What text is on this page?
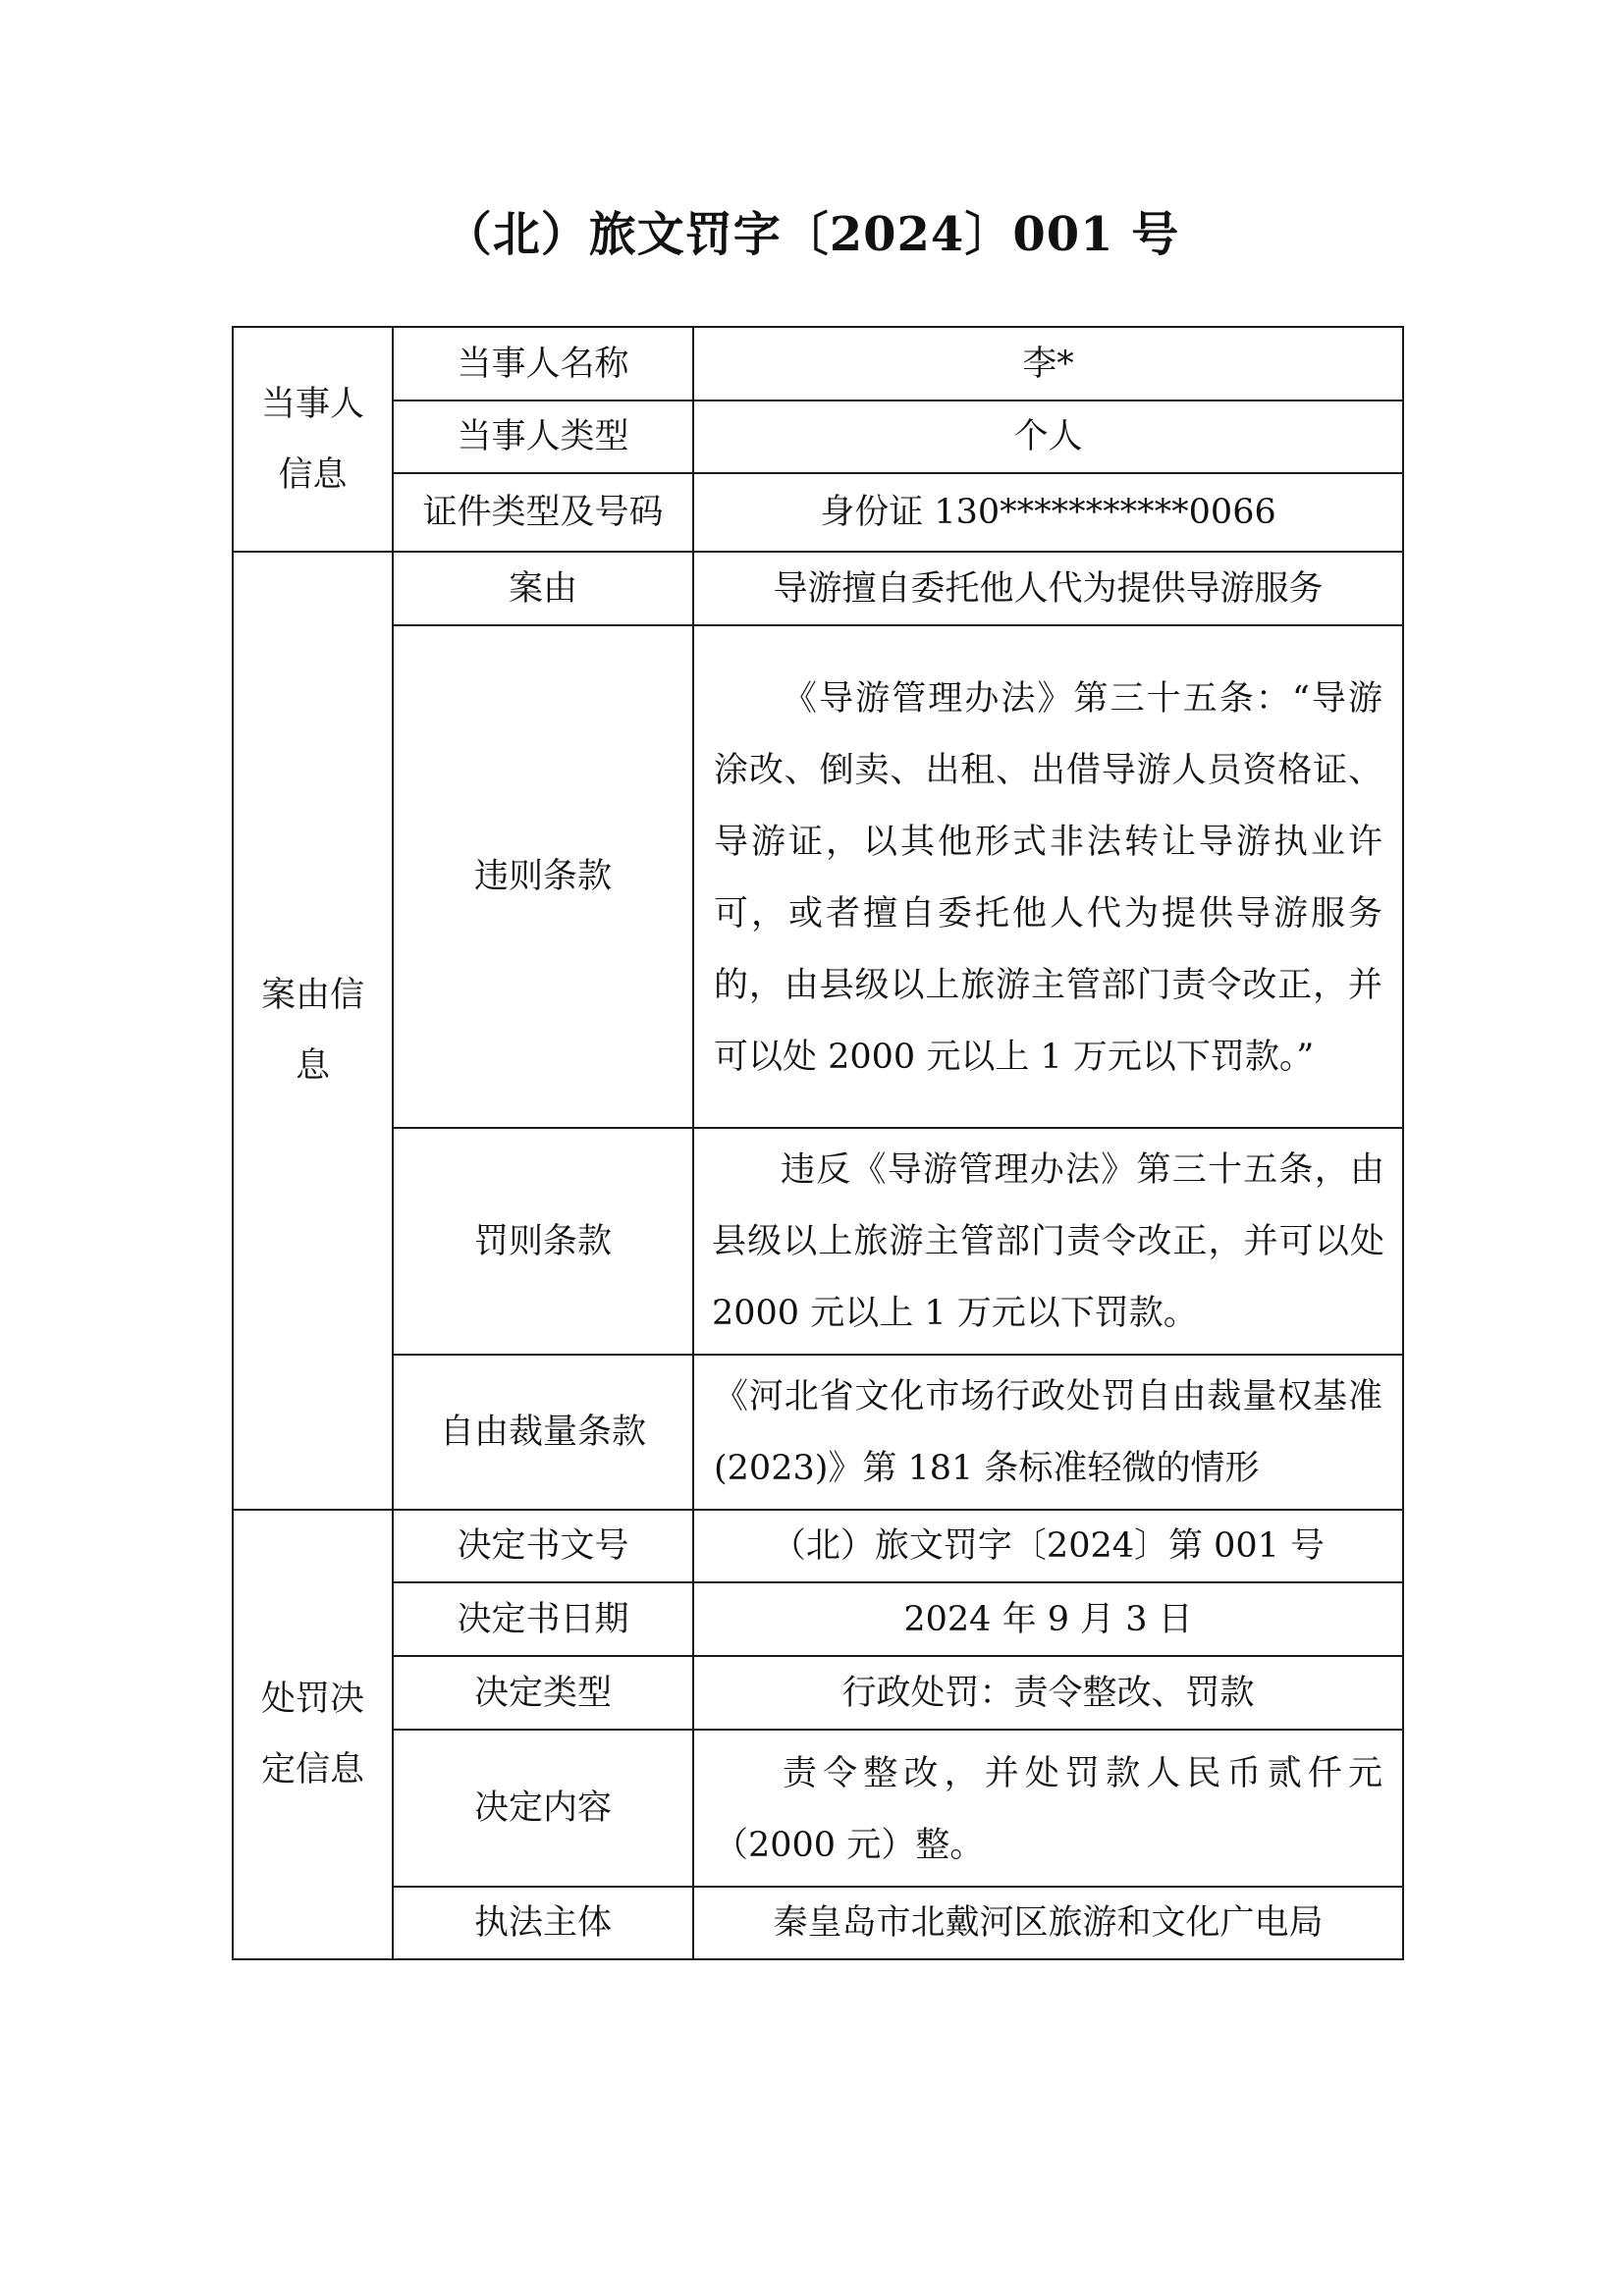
（北）旅文罚字〔2024〕001 号
当事人信息	当事人名称	李*
	当事人类型	个人
	证件类型及号码	身份证 130***********0066
案由信息	案由	导游擅自委托他人代为提供导游服务
	违则条款	《导游管理办法》第三十五条：“导游涂改、倒卖、出租、出借导游人员资格证、导游证，以其他形式非法转让导游执业许可，或者擅自委托他人代为提供导游服务的，由县级以上旅游主管部门责令改正，并可以处 2000 元以上 1 万元以下罚款。”
	罚则条款	违反《导游管理办法》第三十五条，由县级以上旅游主管部门责令改正，并可以处 2000 元以上 1 万元以下罚款。
	自由裁量条款	《河北省文化市场行政处罚自由裁量权基准(2023)》第 181 条标准轻微的情形
处罚决定信息	决定书文号	（北）旅文罚字〔2024〕第 001 号
	决定书日期	2024 年 9 月 3 日
	决定类型	行政处罚：责令整改、罚款
	决定内容	责令整改，并处罚款人民币贰仟元（2000 元）整。
	执法主体	秦皇岛市北戴河区旅游和文化广电局
